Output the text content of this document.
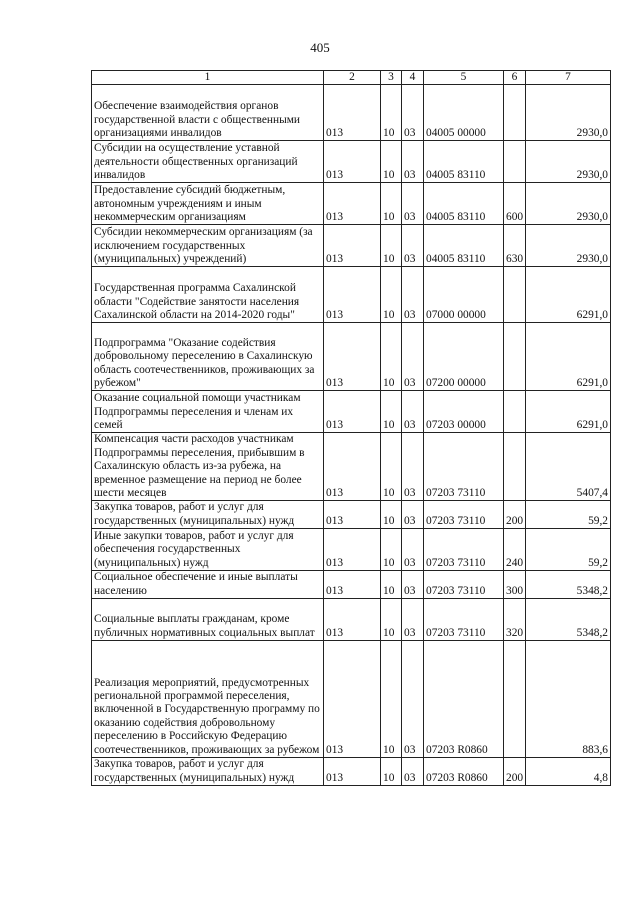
405
1	2	3	4	5	6	7
Обеспечение взаимодействия органов государственной власти с общественными организациями инвалидов	013	10	03	04005 00000		2930,0
Субсидии на осуществление уставной деятельности общественных организаций инвалидов	013	10	03	04005 83110		2930,0
Предоставление субсидий бюджетным, автономным учреждениям и иным некоммерческим организациям	013	10	03	04005 83110	600	2930,0
Субсидии некоммерческим организациям (за исключением государственных (муниципальных) учреждений)	013	10	03	04005 83110	630	2930,0
Государственная программа Сахалинской области "Содействие занятости населения Сахалинской области на 2014-2020 годы"	013	10	03	07000 00000		6291,0
Подпрограмма "Оказание содействия добровольному переселению в Сахалинскую область соотечественников, проживающих за рубежом"	013	10	03	07200 00000		6291,0
Оказание социальной помощи участникам Подпрограммы переселения и членам их семей	013	10	03	07203 00000		6291,0
Компенсация части расходов участникам Подпрограммы переселения, прибывшим в Сахалинскую область из-за рубежа, на временное размещение на период не более шести месяцев	013	10	03	07203 73110		5407,4
Закупка товаров, работ и услуг для государственных (муниципальных) нужд	013	10	03	07203 73110	200	59,2
Иные закупки товаров, работ и услуг для обеспечения государственных (муниципальных) нужд	013	10	03	07203 73110	240	59,2
Социальное обеспечение и иные выплаты населению	013	10	03	07203 73110	300	5348,2
Социальные выплаты гражданам, кроме публичных нормативных социальных выплат	013	10	03	07203 73110	320	5348,2
Реализация мероприятий, предусмотренных региональной программой переселения, включенной в Государственную программу по оказанию содействия добровольному переселению в Российскую Федерацию соотечественников, проживающих за рубежом	013	10	03	07203 R0860		883,6
Закупка товаров, работ и услуг для государственных (муниципальных) нужд	013	10	03	07203 R0860	200	4,8
